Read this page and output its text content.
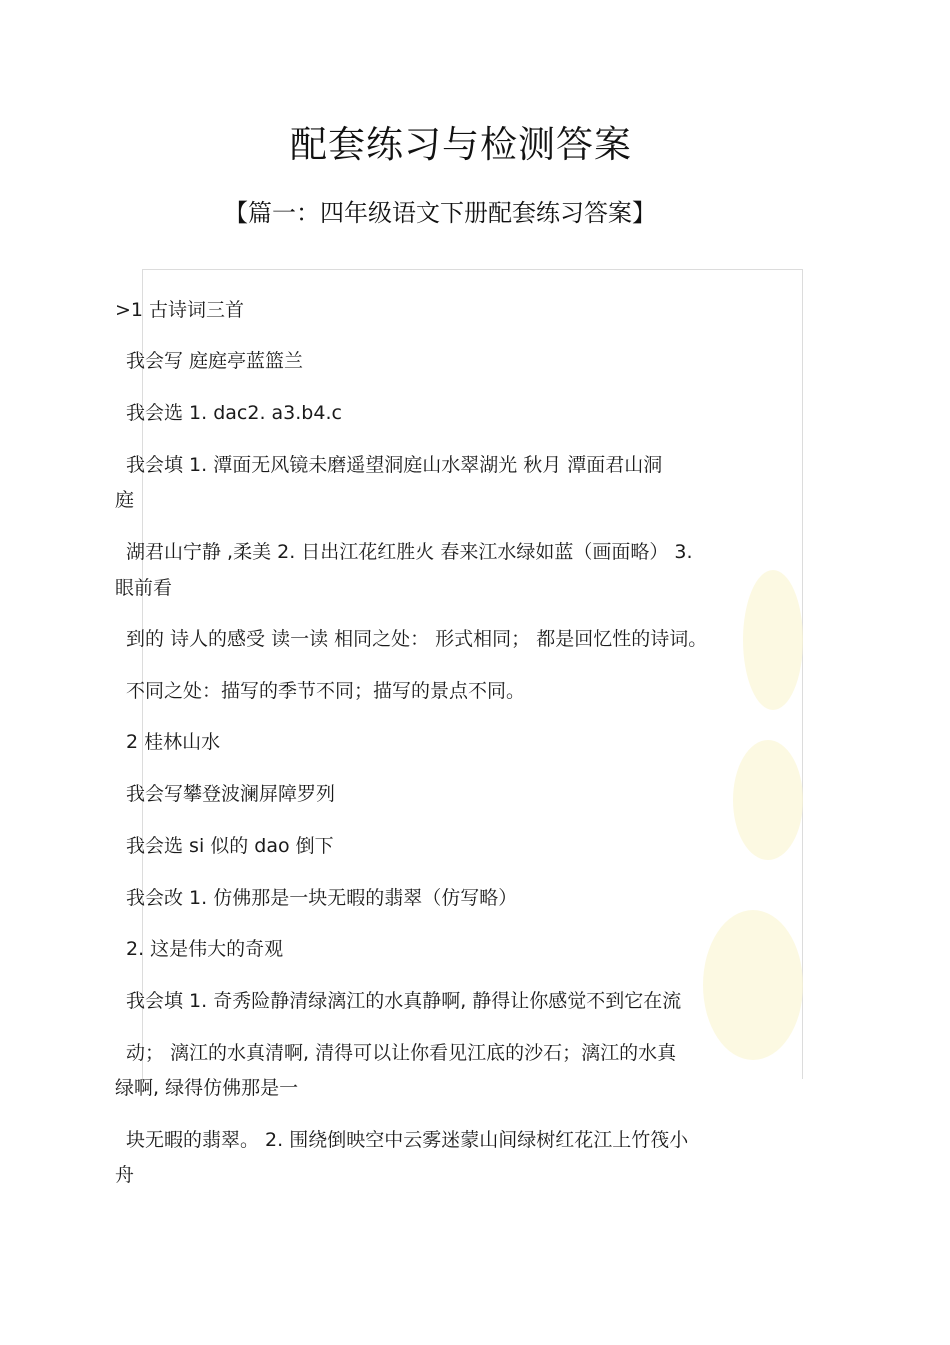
配套练习与检测答案
【篇一：四年级语文下册配套练习答案】
>1 古诗词三首
我会写 庭庭亭蓝篮兰
我会选 1. dac2. a3.b4.c
我会填 1. 潭面无风镜未磨遥望洞庭山水翠湖光 秋月 潭面君山洞
庭
湖君山宁静 ,柔美 2. 日出江花红胜火 春来江水绿如蓝（画面略） 3.
眼前看
到的 诗人的感受 读一读 相同之处： 形式相同； 都是回忆性的诗词。
不同之处：描写的季节不同；描写的景点不同。
2 桂林山水
我会写攀登波澜屏障罗列
我会选 si 似的 dao 倒下
我会改 1. 仿佛那是一块无暇的翡翠（仿写略）
2. 这是伟大的奇观
我会填 1. 奇秀险静清绿漓江的水真静啊, 静得让你感觉不到它在流
动； 漓江的水真清啊, 清得可以让你看见江底的沙石；漓江的水真
绿啊, 绿得仿佛那是一
块无暇的翡翠。 2. 围绕倒映空中云雾迷蒙山间绿树红花江上竹筏小
舟
